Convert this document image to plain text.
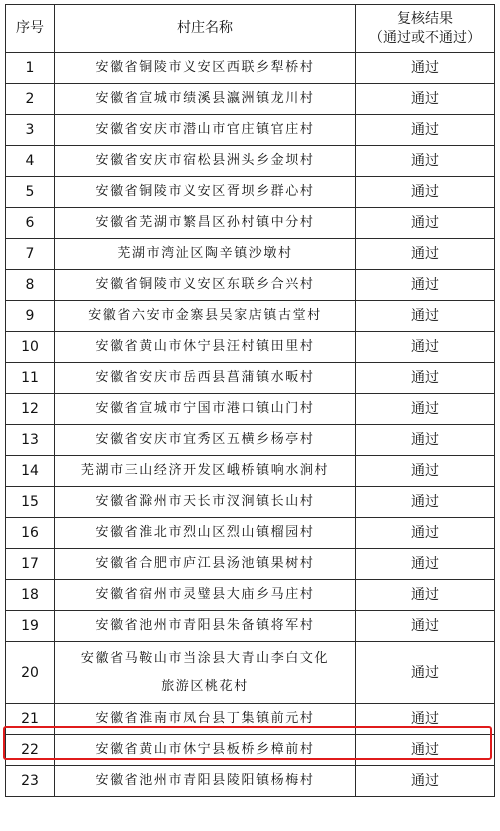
序号	村庄名称	复核结果
（通过或不通过）

1	安徽省铜陵市义安区西联乡犁桥村	通过
2	安徽省宣城市绩溪县瀛洲镇龙川村	通过
3	安徽省安庆市潜山市官庄镇官庄村	通过
4	安徽省安庆市宿松县洲头乡金坝村	通过
5	安徽省铜陵市义安区胥坝乡群心村	通过
6	安徽省芜湖市繁昌区孙村镇中分村	通过
7	芜湖市湾沚区陶辛镇沙墩村	通过
8	安徽省铜陵市义安区东联乡合兴村	通过
9	安徽省六安市金寨县吴家店镇古堂村	通过
10	安徽省黄山市休宁县汪村镇田里村	通过
11	安徽省安庆市岳西县菖蒲镇水畈村	通过
12	安徽省宣城市宁国市港口镇山门村	通过
13	安徽省安庆市宜秀区五横乡杨亭村	通过
14	芜湖市三山经济开发区峨桥镇响水涧村	通过
15	安徽省滁州市天长市汊涧镇长山村	通过
16	安徽省淮北市烈山区烈山镇榴园村	通过
17	安徽省合肥市庐江县汤池镇果树村	通过
18	安徽省宿州市灵璧县大庙乡马庄村	通过
19	安徽省池州市青阳县朱备镇将军村	通过
20	安徽省马鞍山市当涂县大青山李白文化
旅游区桃花村	通过
21	安徽省淮南市凤台县丁集镇前元村	通过
22	安徽省黄山市休宁县板桥乡樟前村	通过
23	安徽省池州市青阳县陵阳镇杨梅村	通过
